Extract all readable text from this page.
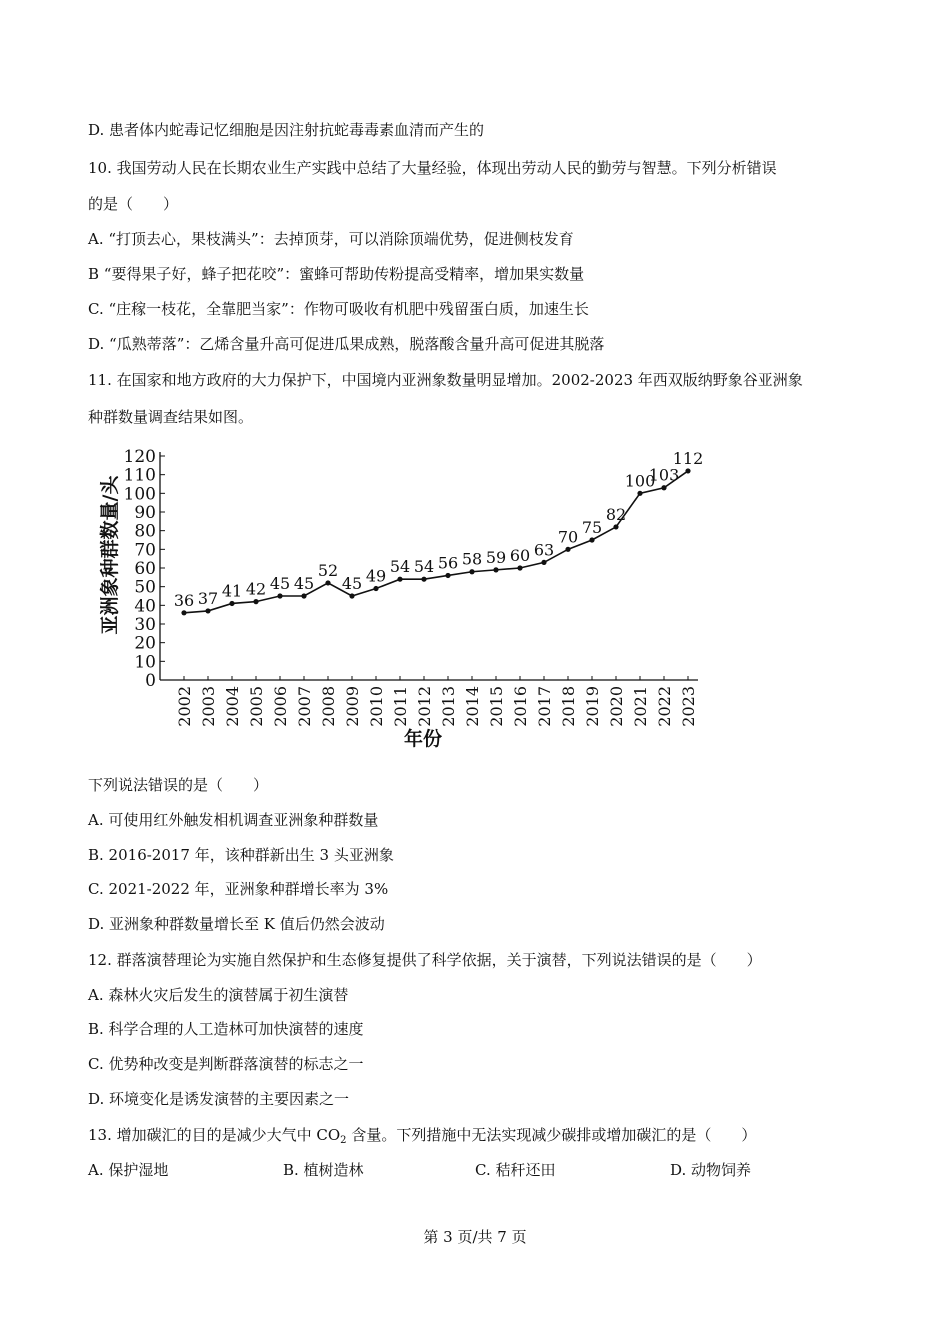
D. 患者体内蛇毒记忆细胞是因注射抗蛇毒毒素血清而产生的
10. 我国劳动人民在长期农业生产实践中总结了大量经验，体现出劳动人民的勤劳与智慧。下列分析错误
的是（　　）
A. “打顶去心，果枝满头”：去掉顶芽，可以消除顶端优势，促进侧枝发育
B “要得果子好，蜂子把花咬”：蜜蜂可帮助传粉提高受精率，增加果实数量
C. “庄稼一枝花，全靠肥当家”：作物可吸收有机肥中残留蛋白质，加速生长
D. “瓜熟蒂落”：乙烯含量升高可促进瓜果成熟，脱落酸含量升高可促进其脱落
11. 在国家和地方政府的大力保护下，中国境内亚洲象数量明显增加。2002-2023 年西双版纳野象谷亚洲象
种群数量调查结果如图。
0
10
20
30
40
50
60
70
80
90
100
110
120
2002 2003 2004 2005 2006 2007 2008 2009 2010 2011 2012 2013 2014 2015 2016 2017 2018 2019 2020 2021 2022 2023
36 37 41 42 45 45
52
45 49 54 54 56 58 59 60 63
70 75
82
100
103
112
亚洲象种群数量/头
年份
下列说法错误的是（　　）
A. 可使用红外触发相机调查亚洲象种群数量
B. 2016-2017 年，该种群新出生 3 头亚洲象
C. 2021-2022 年，亚洲象种群增长率为 3%
D. 亚洲象种群数量增长至 K 值后仍然会波动
12. 群落演替理论为实施自然保护和生态修复提供了科学依据，关于演替，下列说法错误的是（　　）
A. 森林火灾后发生的演替属于初生演替
B. 科学合理的人工造林可加快演替的速度
C. 优势种改变是判断群落演替的标志之一
D. 环境变化是诱发演替的主要因素之一
13. 增加碳汇的目的是减少大气中 $CO_2$ 含量。下列措施中无法实现减少碳排或增加碳汇的是（　　）
A. 保护湿地	B. 植树造林	C. 秸秆还田	D. 动物饲养
第 3 页/共 7 页
